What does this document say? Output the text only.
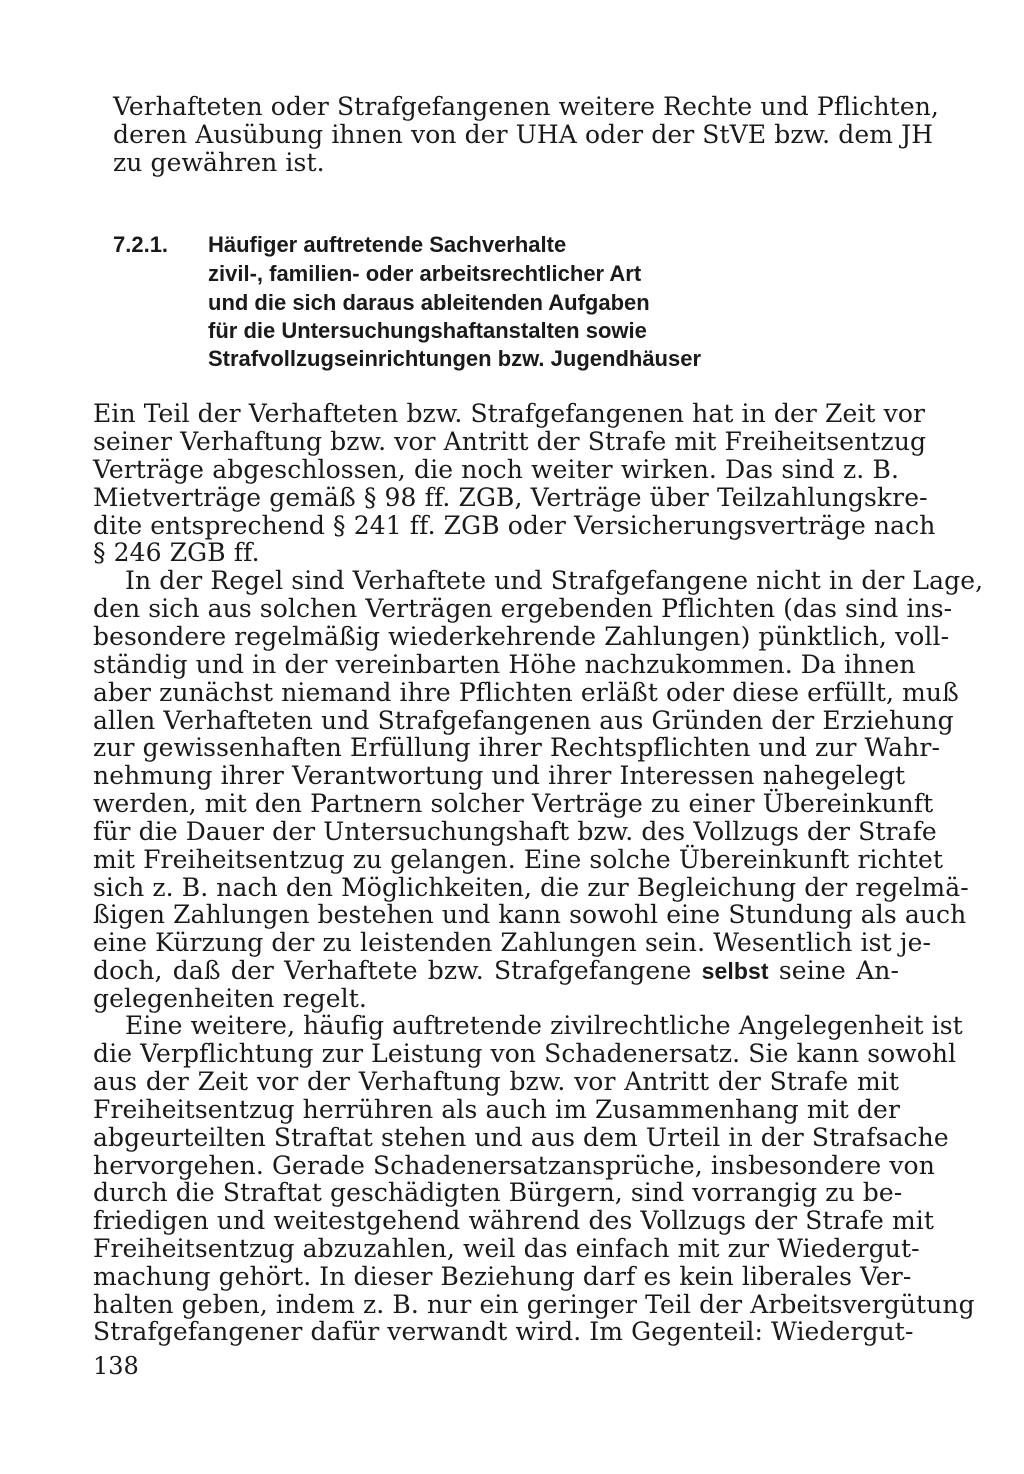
Verhafteten oder Strafgefangenen weitere Rechte und Pflichten,
deren Ausübung ihnen von der UHA oder der StVE bzw. dem JH
zu gewähren ist.
7.2.1. Häufiger auftretende Sachverhalte
zivil-, familien- oder arbeitsrechtlicher Art
und die sich daraus ableitenden Aufgaben
für die Untersuchungshaftanstalten sowie
Strafvollzugseinrichtungen bzw. Jugendhäuser
Ein Teil der Verhafteten bzw. Strafgefangenen hat in der Zeit vor
seiner Verhaftung bzw. vor Antritt der Strafe mit Freiheitsentzug
Verträge abgeschlossen, die noch weiter wirken. Das sind z. B.
Mietverträge gemäß § 98 ff. ZGB, Verträge über Teilzahlungskre-
dite entsprechend § 241 ff. ZGB oder Versicherungsverträge nach
§ 246 ZGB ff.
In der Regel sind Verhaftete und Strafgefangene nicht in der Lage,
den sich aus solchen Verträgen ergebenden Pflichten (das sind ins-
besondere regelmäßig wiederkehrende Zahlungen) pünktlich, voll-
ständig und in der vereinbarten Höhe nachzukommen. Da ihnen
aber zunächst niemand ihre Pflichten erläßt oder diese erfüllt, muß
allen Verhafteten und Strafgefangenen aus Gründen der Erziehung
zur gewissenhaften Erfüllung ihrer Rechtspflichten und zur Wahr-
nehmung ihrer Verantwortung und ihrer Interessen nahegelegt
werden, mit den Partnern solcher Verträge zu einer Übereinkunft
für die Dauer der Untersuchungshaft bzw. des Vollzugs der Strafe
mit Freiheitsentzug zu gelangen. Eine solche Übereinkunft richtet
sich z. B. nach den Möglichkeiten, die zur Begleichung der regelmä-
ßigen Zahlungen bestehen und kann sowohl eine Stundung als auch
eine Kürzung der zu leistenden Zahlungen sein. Wesentlich ist je-
doch, daß der Verhaftete bzw. Strafgefangene selbst seine An-
gelegenheiten regelt.
Eine weitere, häufig auftretende zivilrechtliche Angelegenheit ist
die Verpflichtung zur Leistung von Schadenersatz. Sie kann sowohl
aus der Zeit vor der Verhaftung bzw. vor Antritt der Strafe mit
Freiheitsentzug herrühren als auch im Zusammenhang mit der
abgeurteilten Straftat stehen und aus dem Urteil in der Strafsache
hervorgehen. Gerade Schadenersatzansprüche, insbesondere von
durch die Straftat geschädigten Bürgern, sind vorrangig zu be-
friedigen und weitestgehend während des Vollzugs der Strafe mit
Freiheitsentzug abzuzahlen, weil das einfach mit zur Wiedergut-
machung gehört. In dieser Beziehung darf es kein liberales Ver-
halten geben, indem z. B. nur ein geringer Teil der Arbeitsvergütung
Strafgefangener dafür verwandt wird. Im Gegenteil: Wiedergut-
138
